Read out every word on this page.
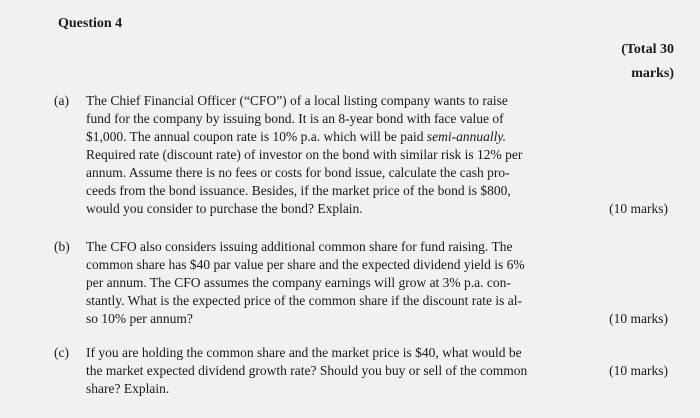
Question 4
(Total 30
marks)
(a) The Chief Financial Officer (“CFO”) of a local listing company wants to raise
fund for the company by issuing bond. It is an 8-year bond with face value of
$1,000. The annual coupon rate is 10% p.a. which will be paid semi-annually.
Required rate (discount rate) of investor on the bond with similar risk is 12% per
annum. Assume there is no fees or costs for bond issue, calculate the cash pro-
ceeds from the bond issuance. Besides, if the market price of the bond is $800,
would you consider to purchase the bond? Explain.	(10 marks)
(b) The CFO also considers issuing additional common share for fund raising. The
common share has $40 par value per share and the expected dividend yield is 6%
per annum. The CFO assumes the company earnings will grow at 3% p.a. con-
stantly. What is the expected price of the common share if the discount rate is al-
so 10% per annum?	(10 marks)
(c) If you are holding the common share and the market price is $40, what would be
the market expected dividend growth rate? Should you buy or sell of the common
share? Explain.
(10 marks)
